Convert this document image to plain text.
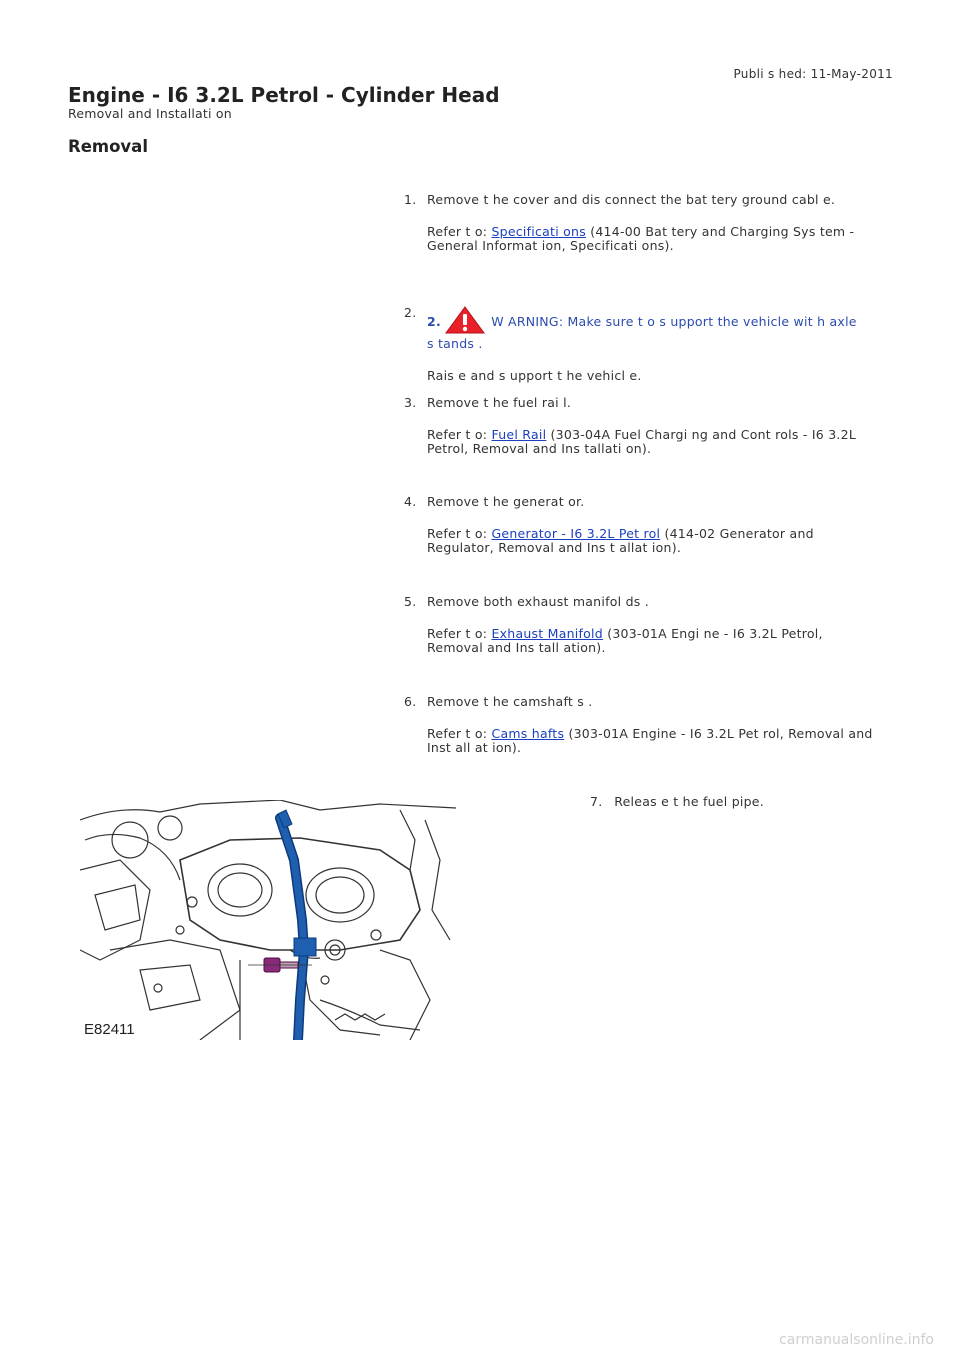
Publi s hed: 11-May-2011
Engine - I6 3.2L Petrol - Cylinder Head
Removal and Installati on
Removal
1. Remove t he cover and dis connect the bat tery ground cabl e.

Refer t o: Specificati ons (414-00 Bat tery and Charging Sys tem -
General Informat ion, Specificati ons).

2.

2.	W ARNING: Make sure t o s upport the vehicle wit h axle
s tands .

Rais e and s upport t he vehicl e.

3. Remove t he fuel rai l.

Refer t o: Fuel Rail (303-04A Fuel Chargi ng and Cont rols - I6 3.2L
Petrol, Removal and Ins tallati on).

4. Remove t he generat or.

Refer t o: Generator - I6 3.2L Pet rol (414-02 Generator and
Regulator, Removal and Ins t allat ion).

5. Remove both exhaust manifol ds .

Refer t o: Exhaust Manifold (303-01A Engi ne - I6 3.2L Petrol,
Removal and Ins tall ation).

6. Remove t he camshaft s .

Refer t o: Cams hafts (303-01A Engine - I6 3.2L Pet rol, Removal and
Inst all at ion).

E82411
7. Releas e t he fuel pipe.
carmanualsonline.info
